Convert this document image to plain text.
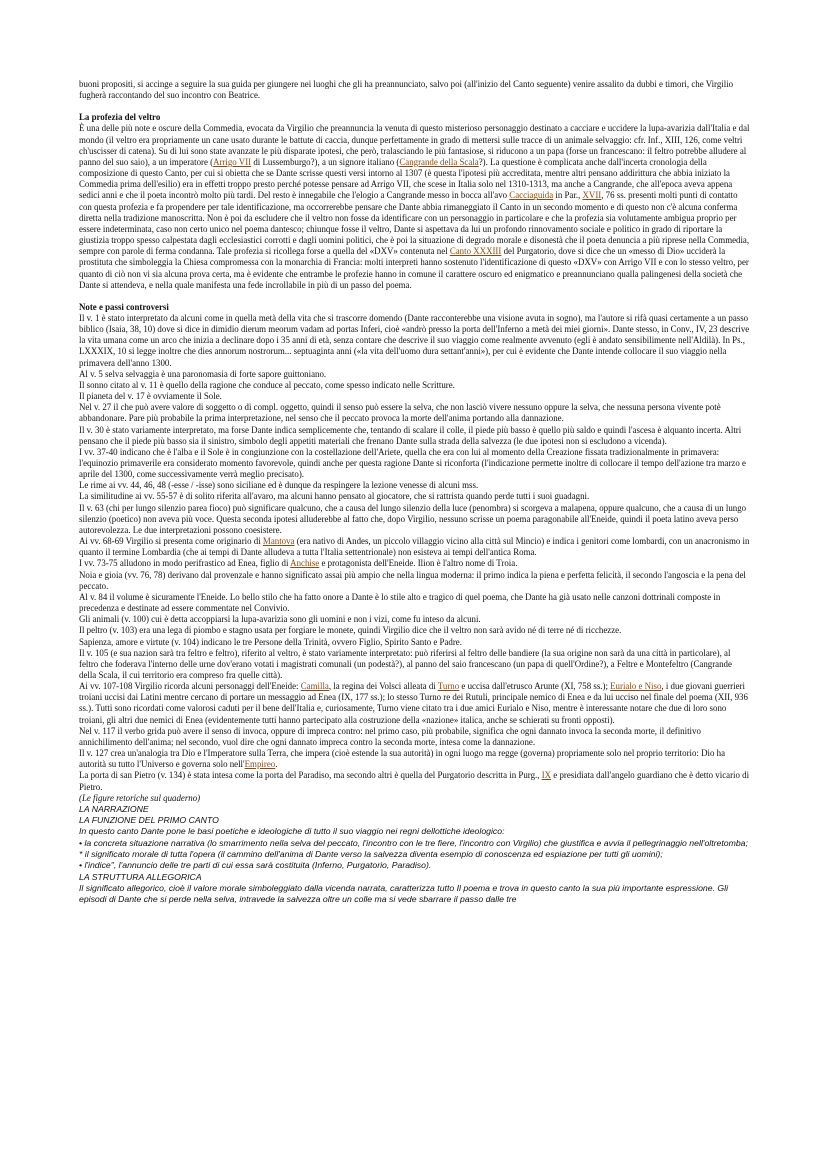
buoni propositi, si accinge a seguire la sua guida per giungere nei luoghi che gli ha preannunciato, salvo poi (all'inizio del Canto seguente) venire assalito da dubbi e timori, che Virgilio fugherà raccontando del suo incontro con Beatrice.

La profezia del veltro

È una delle più note e oscure della Commedia, evocata da Virgilio che preannuncia la venuta di questo misterioso personaggio destinato a cacciare e uccidere la lupa-avarizia dall'Italia e dal mondo (il veltro era propriamente un cane usato durante le battute di caccia, dunque perfettamente in grado di mettersi sulle tracce di un animale selvaggio: cfr. Inf., XIII, 126, come veltri ch'uscisser di catena). Su di lui sono state avanzate le più disparate ipotesi, che però, tralasciando le più fantasiose, si riducono a un papa (forse un francescano: il feltro potrebbe alludere al panno del suo saio), a un imperatore (Arrigo VII di Lussemburgo?), a un signore italiano (Cangrande della Scala?). La questione è complicata anche dall'incerta cronologia della composizione di questo Canto, per cui si obietta che se Dante scrisse questi versi intorno al 1307 (è questa l'ipotesi più accreditata, mentre altri pensano addirittura che abbia iniziato la Commedia prima dell'esilio) era in effetti troppo presto perché potesse pensare ad Arrigo VII, che scese in Italia solo nel 1310-1313, ma anche a Cangrande, che all'epoca aveva appena sedici anni e che il poeta incontrò molto più tardi. Del resto è innegabile che l'elogio a Cangrande messo in bocca all'avo Cacciaguida in Par., XVII, 76 ss. presenti molti punti di contatto con questa profezia e fa propendere per tale identificazione, ma occorrerebbe pensare che Dante abbia rimaneggiato il Canto in un secondo momento e di questo non c'è alcuna conferma diretta nella tradizione manoscritta. Non è poi da escludere che il veltro non fosse da identificare con un personaggio in particolare e che la profezia sia volutamente ambigua proprio per essere indeterminata, caso non certo unico nel poema dantesco; chiunque fosse il veltro, Dante si aspettava da lui un profondo rinnovamento sociale e politico in grado di riportare la giustizia troppo spesso calpestata dagli ecclesiastici corrotti e dagli uomini politici, che è poi la situazione di degrado morale e disonestà che il poeta denuncia a più riprese nella Commedia, sempre con parole di ferma condanna. Tale profezia si ricollega forse a quella del «DXV» contenuta nel Canto XXXIII del Purgatorio, dove si dice che un «messo di Dio» ucciderà la prostituta che simboleggia la Chiesa compromessa con la monarchia di Francia: molti interpreti hanno sostenuto l'identificazione di questo «DXV» con Arrigo VII e con lo stesso veltro, per quanto di ciò non vi sia alcuna prova certa, ma è evidente che entrambe le profezie hanno in comune il carattere oscuro ed enigmatico e preannunciano qualla palingenesi della società che Dante si attendeva, e nella quale manifesta una fede incrollabile in più di un passo del poema.

Note e passi controversi

Il v. 1 è stato interpretato da alcuni come in quella metà della vita che si trascorre domendo (Dante racconterebbe una visione avuta in sogno), ma l'autore si rifà quasi certamente a un passo biblico (Isaia, 38, 10) dove si dice in dimidio dierum meorum vadam ad portas Inferi, cioè «andrò presso la porta dell'Inferno a metà dei miei giorni». Dante stesso, in Conv., IV, 23 descrive la vita umana come un arco che inizia a declinare dopo i 35 anni di età, senza contare che descrive il suo viaggio come realmente avvenuto (egli è andato sensibilimente nell'Aldilà). In Ps., LXXXIX, 10 si legge inoltre che dies annorum nostrorum... septuaginta anni («la vita dell'uomo dura settant'anni»), per cui è evidente che Dante intende collocare il suo viaggio nella primavera dell'anno 1300.

Al v. 5 selva selvaggia è una paronomasia di forte sapore guittoniano.

Il sonno citato al v. 11 è quello della ragione che conduce al peccato, come spesso indicato nelle Scritture.

Il pianeta del v. 17 è ovviamente il Sole.

Nel v. 27 il che può avere valore di soggetto o di compl. oggetto, quindi il senso può essere la selva, che non lasciò vivere nessuno oppure la selva, che nessuna persona vivente potè abbandonare. Pare più probabile la prima interpretazione, nel senso che il peccato provoca la morte dell'anima portando alla dannazione.

Il v. 30 è stato variamente interpretato, ma forse Dante indica semplicemente che, tentando di scalare il colle, il piede più basso è quello più saldo e quindi l'ascesa è alquanto incerta. Altri pensano che il piede più basso sia il sinistro, simbolo degli appetiti materiali che frenano Dante sulla strada della salvezza (le due ipotesi non si escludono a vicenda).

I vv. 37-40 indicano che è l'alba e il Sole è in congiunzione con la costellazione dell'Ariete, quella che era con lui al momento della Creazione fissata tradizionalmente in primavera: l'equinozio primaverile era considerato momento favorevole, quindi anche per questa ragione Dante si riconforta (l'indicazione permette inoltre di collocare il tempo dell'azione tra marzo e aprile del 1300, come successivamente verrà meglio precisato).

Le rime ai vv. 44, 46, 48 (-esse / -isse) sono siciliane ed è dunque da respingere la lezione venesse di alcuni mss.

La similitudine ai vv. 55-57 è di solito riferita all'avaro, ma alcuni hanno pensato al giocatore, che si rattrista quando perde tutti i suoi guadagni.

Il v. 63 (chi per lungo silenzio parea fioco) può significare qualcuno, che a causa del lungo silenzio della luce (penombra) si scorgeva a malapena, oppure qualcuno, che a causa di un lungo silenzio (poetico) non aveva più voce. Questa seconda ipotesi alluderebbe al fatto che, dopo Virgilio, nessuno scrisse un poema paragonabile all'Eneide, quindi il poeta latino aveva perso autorevolezza. Le due interpretazioni possono coesistere.

Ai vv. 68-69 Virgilio si presenta come originario di Mantova (era nativo di Andes, un piccolo villaggio vicino alla città sul Mincio) e indica i genitori come lombardi, con un anacronismo in quanto il termine Lombardia (che ai tempi di Dante alludeva a tutta l'Italia settentrionale) non esisteva ai tempi dell'antica Roma.

I vv. 73-75 alludono in modo perifrastico ad Enea, figlio di Anchise e protagonista dell'Eneide. Ilion è l'altro nome di Troia.

Noia e gioia (vv. 76, 78) derivano dal provenzale e hanno significato assai più ampio che nella lingua moderna: il primo indica la piena e perfetta felicità, il secondo l'angoscia e la pena del peccato.

Al v. 84 il volume è sicuramente l'Eneide. Lo bello stilo che ha fatto onore a Dante è lo stile alto e tragico di quel poema, che Dante ha già usato nelle canzoni dottrinali composte in precedenza e destinate ad essere commentate nel Convivio.

Gli animali (v. 100) cui è detta accoppiarsi la lupa-avarizia sono gli uomini e non i vizi, come fu inteso da alcuni.

Il peltro (v. 103) era una lega di piombo e stagno usata per forgiare le monete, quindi Virgilio dice che il veltro non sarà avido né di terre né di ricchezze.

Sapienza, amore e virtute (v. 104) indicano le tre Persone della Trinità, ovvero Figlio, Spirito Santo e Padre.

Il v. 105 (e sua nazion sarà tra feltro e feltro), riferito al veltro, è stato variamente interpretato: può riferirsi al feltro delle bandiere (la sua origine non sarà da una città in particolare), al feltro che foderava l'interno delle urne dov'erano votati i magistrati comunali (un podestà?), al panno del saio francescano (un papa di quell'Ordine?), a Feltre e Montefeltro (Cangrande della Scala, il cui territorio era compreso fra quelle città).

Ai vv. 107-108 Virgilio ricorda alcuni personaggi dell'Eneide: Camilla, la regina dei Volsci alleata di Turno e uccisa dall'etrusco Arunte (XI, 758 ss.); Eurialo e Niso, i due giovani guerrieri troiani uccisi dai Latini mentre cercano di portare un messaggio ad Enea (IX, 177 ss.); lo stesso Turno re dei Rutuli, principale nemico di Enea e da lui ucciso nel finale del poema (XII, 936 ss.). Tutti sono ricordati come valorosi caduti per il bene dell'Italia e, curiosamente, Turno viene citato tra i due amici Eurialo e Niso, mentre è interessante notare che due di loro sono troiani, gli altri due nemici di Enea (evidentemente tutti hanno partecipato alla costruzione della «nazione» italica, anche se schierati su fronti opposti).

Nel v. 117 il verbo grida può avere il senso di invoca, oppure di impreca contro: nel primo caso, più probabile, significa che ogni dannato invoca la seconda morte, il definitivo annichilimento dell'anima; nel secondo, vuol dire che ogni dannato impreca contro la seconda morte, intesa come la dannazione.

Il v. 127 crea un'analogia tra Dio e l'Imperatore sulla Terra, che impera (cioè estende la sua autorità) in ogni luogo ma regge (governa) propriamente solo nel proprio territorio: Dio ha autorità su tutto l'Universo e governa solo nell'Empireo.

La porta di san Pietro (v. 134) è stata intesa come la porta del Paradiso, ma secondo altri è quella del Purgatorio descritta in Purg., IX e presidiata dall'angelo guardiano che è detto vicario di Pietro.

(Le figure retoriche sul quaderno)

LA NARRAZIONE

LA FUNZIONE DEL PRIMO CANTO

In questo canto Dante pone le basi poetiche e ideologiche di tutto il suo viaggio nei regni dellottiche ideologico:

• la concreta situazione narrativa (lo smarrimento nella selva del peccato, l'incontro con le tre fiere, l'incontro con Virgilio) che giustifica e avvia il pellegrinaggio nell'oltretomba;

* il significato morale di tutta l'opera (il cammino dell'anima di Dante verso la salvezza diventa esempio di conoscenza ed espiazione per tutti gli uomini);

• l'indice", l'annuncio delle tre parti di cui essa sarà costituita (Inferno, Purgatorio, Paradiso).

LA STRUTTURA ALLEGORICA

Il significato allegorico, cioè il valore morale simboleggiato dalla vicenda narrata, caratterizza tutto Il poema e trova in questo canto la sua più importante espressione. Gli episodi di Dante che si perde nella selva, intravede la salvezza oltre un colle ma si vede sbarrare il passo dalle tre
